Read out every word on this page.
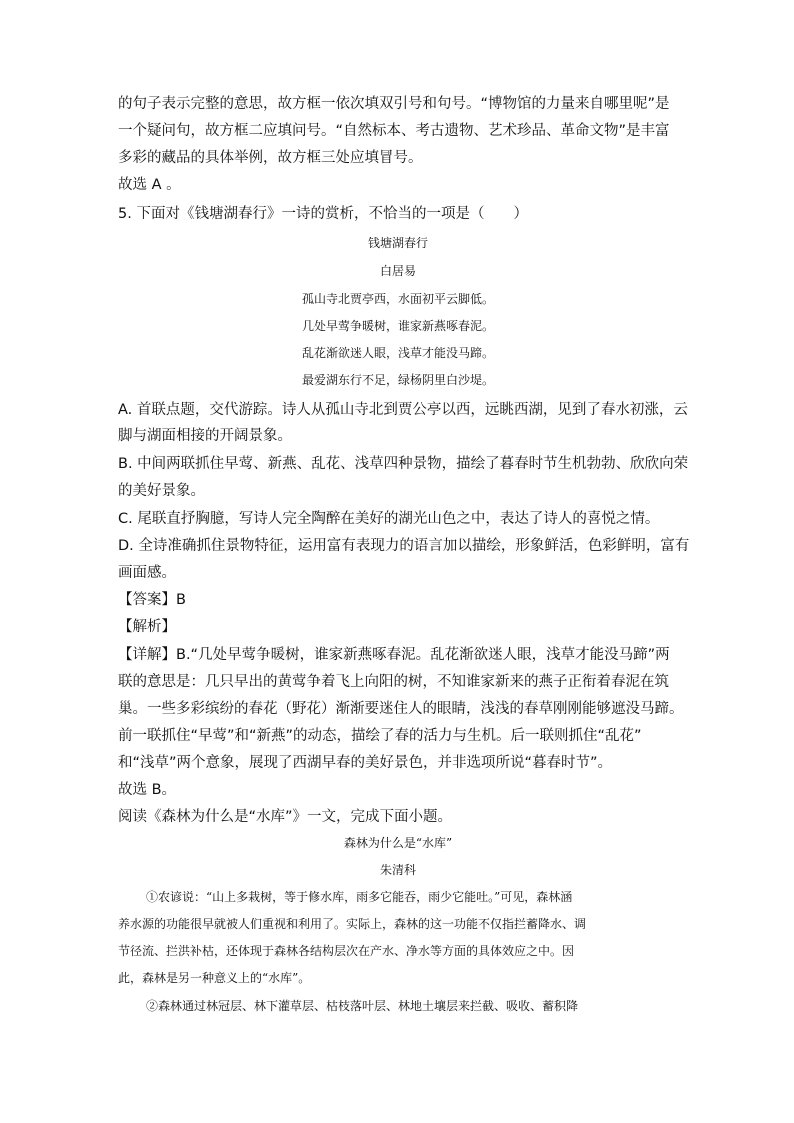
的句子表示完整的意思，故方框一依次填双引号和句号。“博物馆的力量来自哪里呢”是
一个疑问句，故方框二应填问号。“自然标本、考古遗物、艺术珍品、革命文物”是丰富
多彩的藏品的具体举例，故方框三处应填冒号。
故选 A 。
5. 下面对《钱塘湖春行》一诗的赏析，不恰当的一项是（　　）
钱塘湖春行
白居易
孤山寺北贾亭西，水面初平云脚低。
几处早莺争暖树，谁家新燕啄春泥。
乱花渐欲迷人眼，浅草才能没马蹄。
最爱湖东行不足，绿杨阴里白沙堤。
A. 首联点题，交代游踪。诗人从孤山寺北到贾公亭以西，远眺西湖，见到了春水初涨，云
脚与湖面相接的开阔景象。
B. 中间两联抓住早莺、新燕、乱花、浅草四种景物，描绘了暮春时节生机勃勃、欣欣向荣
的美好景象。
C. 尾联直抒胸臆，写诗人完全陶醉在美好的湖光山色之中，表达了诗人的喜悦之情。
D. 全诗准确抓住景物特征，运用富有表现力的语言加以描绘，形象鲜活，色彩鲜明，富有
画面感。
【答案】B
【解析】
【详解】B.“几处早莺争暖树，谁家新燕啄春泥。乱花渐欲迷人眼，浅草才能没马蹄”两
联的意思是：几只早出的黄莺争着飞上向阳的树，不知谁家新来的燕子正衔着春泥在筑
巢。一些多彩缤纷的春花（野花）渐渐要迷住人的眼睛，浅浅的春草刚刚能够遮没马蹄。
前一联抓住“早莺”和“新燕”的动态，描绘了春的活力与生机。后一联则抓住“乱花”
和“浅草”两个意象，展现了西湖早春的美好景色，并非选项所说“暮春时节”。
故选 B。
阅读《森林为什么是“水库”》一文，完成下面小题。
森林为什么是“水库”
朱清科
①农谚说：“山上多栽树，等于修水库，雨多它能吞，雨少它能吐。”可见，森林涵
养水源的功能很早就被人们重视和利用了。实际上，森林的这一功能不仅指拦蓄降水、调
节径流、拦洪补枯，还体现于森林各结构层次在产水、净水等方面的具体效应之中。因
此，森林是另一种意义上的“水库”。
②森林通过林冠层、林下灌草层、枯枝落叶层、林地土壤层来拦截、吸收、蓄积降
